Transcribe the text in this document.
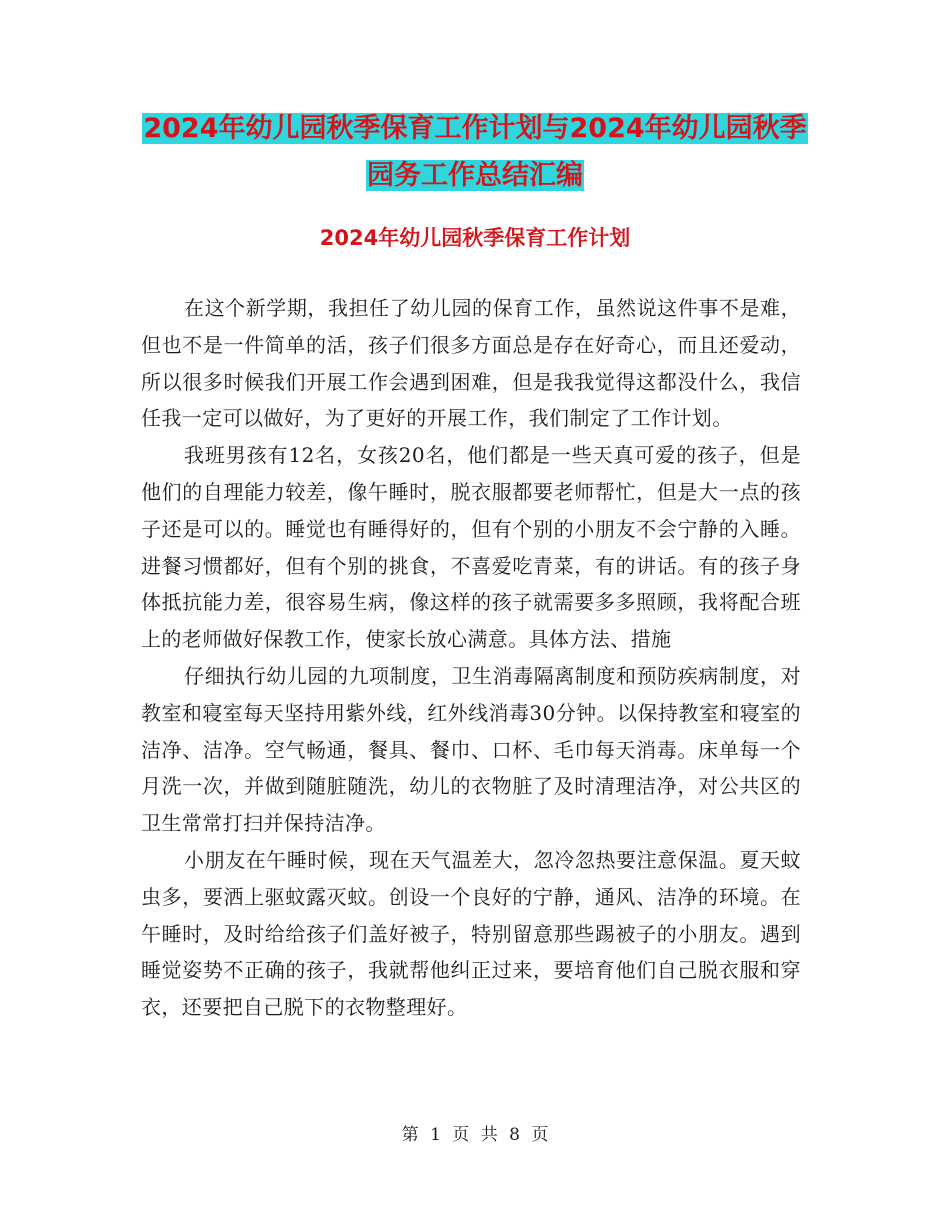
2024年幼儿园秋季保育工作计划与2024年幼儿园秋季
园务工作总结汇编
2024年幼儿园秋季保育工作计划

在这个新学期，我担任了幼儿园的保育工作，虽然说这件事不是难，但也不是一件简单的活，孩子们很多方面总是存在好奇心，而且还爱动，所以很多时候我们开展工作会遇到困难，但是我我觉得这都没什么，我信任我一定可以做好，为了更好的开展工作，我们制定了工作计划。

我班男孩有12名，女孩20名，他们都是一些天真可爱的孩子，但是他们的自理能力较差，像午睡时，脱衣服都要老师帮忙，但是大一点的孩子还是可以的。睡觉也有睡得好的，但有个别的小朋友不会宁静的入睡。进餐习惯都好，但有个别的挑食，不喜爱吃青菜，有的讲话。有的孩子身体抵抗能力差，很容易生病，像这样的孩子就需要多多照顾，我将配合班上的老师做好保教工作，使家长放心满意。具体方法、措施

仔细执行幼儿园的九项制度，卫生消毒隔离制度和预防疾病制度，对教室和寝室每天坚持用紫外线，红外线消毒30分钟。以保持教室和寝室的洁净、洁净。空气畅通，餐具、餐巾、口杯、毛巾每天消毒。床单每一个月洗一次，并做到随脏随洗，幼儿的衣物脏了及时清理洁净，对公共区的卫生常常打扫并保持洁净。

小朋友在午睡时候，现在天气温差大，忽冷忽热要注意保温。夏天蚊虫多，要洒上驱蚊露灭蚊。创设一个良好的宁静，通风、洁净的环境。在午睡时，及时给给孩子们盖好被子，特别留意那些踢被子的小朋友。遇到睡觉姿势不正确的孩子，我就帮他纠正过来，要培育他们自己脱衣服和穿衣，还要把自己脱下的衣物整理好。

第 1 页 共 8 页
